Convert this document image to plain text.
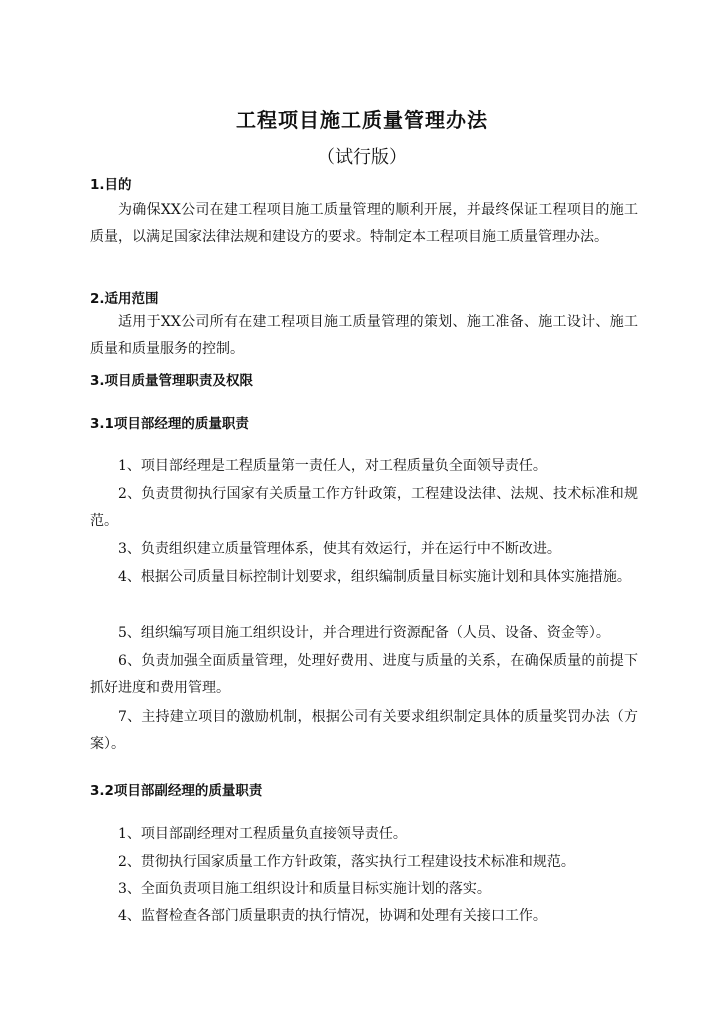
工程项目施工质量管理办法
（试行版）
1.目的

为确保XX公司在建工程项目施工质量管理的顺利开展，并最终保证工程项目的施工质量，以满足国家法律法规和建设方的要求。特制定本工程项目施工质量管理办法。

2.适用范围

适用于XX公司所有在建工程项目施工质量管理的策划、施工准备、施工设计、施工质量和质量服务的控制。

3.项目质量管理职责及权限
3.1项目部经理的质量职责

1、项目部经理是工程质量第一责任人，对工程质量负全面领导责任。

2、负责贯彻执行国家有关质量工作方针政策，工程建设法律、法规、技术标准和规范。

3、负责组织建立质量管理体系，使其有效运行，并在运行中不断改进。

4、根据公司质量目标控制计划要求，组织编制质量目标实施计划和具体实施措施。

5、组织编写项目施工组织设计，并合理进行资源配备（人员、设备、资金等）。

6、负责加强全面质量管理，处理好费用、进度与质量的关系，在确保质量的前提下抓好进度和费用管理。

7、主持建立项目的激励机制，根据公司有关要求组织制定具体的质量奖罚办法（方案）。

3.2项目部副经理的质量职责

1、项目部副经理对工程质量负直接领导责任。

2、贯彻执行国家质量工作方针政策，落实执行工程建设技术标准和规范。

3、全面负责项目施工组织设计和质量目标实施计划的落实。

4、监督检查各部门质量职责的执行情况，协调和处理有关接口工作。
